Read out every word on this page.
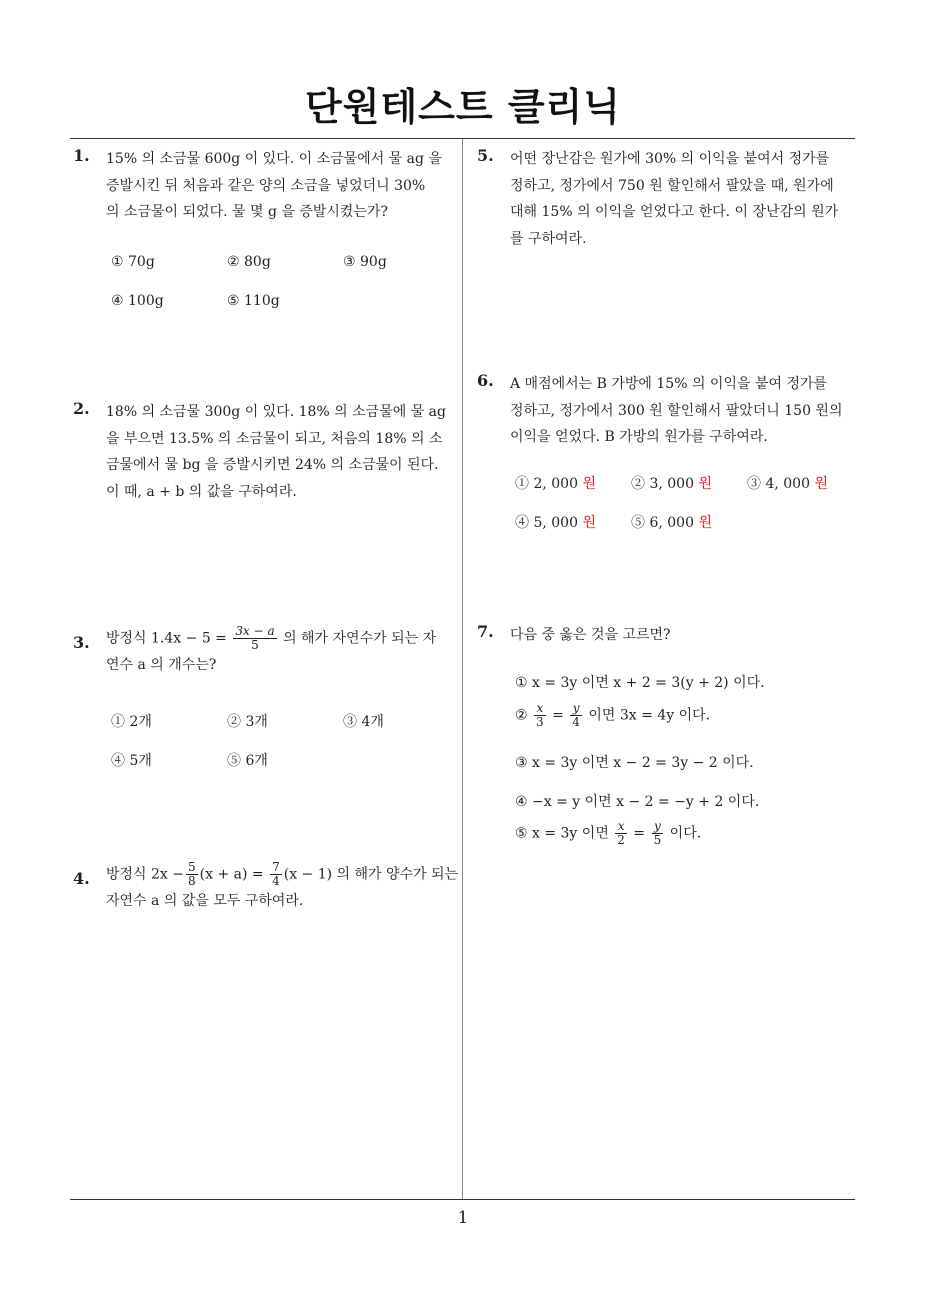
단원테스트 클리닉
1. 15% 의 소금물 600g 이 있다. 이 소금물에서 물 ag 을
증발시킨 뒤 처음과 같은 양의 소금을 넣었더니 30%
의 소금물이 되었다. 물 몇 g 을 증발시켰는가?
① 70g	② 80g	③ 90g
④ 100g	⑤ 110g
2. 18% 의 소금물 300g 이 있다. 18% 의 소금물에 물 ag
을 부으면 13.5% 의 소금물이 되고, 처음의 18% 의 소
금물에서 물 bg 을 증발시키면 24% 의 소금물이 된다.
이 때, a + b 의 값을 구하여라.
3. 방정식 $1.4x - 5 = \frac{3x - a}{5}$ 의 해가 자연수가 되는 자
연수 a 의 개수는?
① 2개	② 3개	③ 4개
④ 5개	⑤ 6개
4. 방정식 $2x - \frac{5}{8} (x + a) = \frac{7}{4} (x - 1)$ 의 해가 양수가 되는
자연수 a 의 값을 모두 구하여라.
5. 어떤 장난감은 원가에 30% 의 이익을 붙여서 정가를
정하고, 정가에서 750 원 할인해서 팔았을 때, 원가에
대해 15% 의 이익을 얻었다고 한다. 이 장난감의 원가
를 구하여라.
6. A 매점에서는 B 가방에 15% 의 이익을 붙여 정가를
정하고, 정가에서 300 원 할인해서 팔았더니 150 원의
이익을 얻었다. B 가방의 원가를 구하여라.
① 2, 000 원	② 3, 000 원	③ 4, 000 원
④ 5, 000 원	⑤ 6, 000 원
7. 다음 중 옳은 것을 고르면?
① x = 3y 이면 x + 2 = 3(y + 2) 이다.
② $\frac{x}{3} = \frac{y}{4}$ 이면 3x = 4y 이다.
③ x = 3y 이면 x − 2 = 3y − 2 이다.
④ −x = y 이면 x − 2 = −y + 2 이다.
⑤ x = 3y 이면 $\frac{x}{2} = \frac{y}{5}$ 이다.
1
